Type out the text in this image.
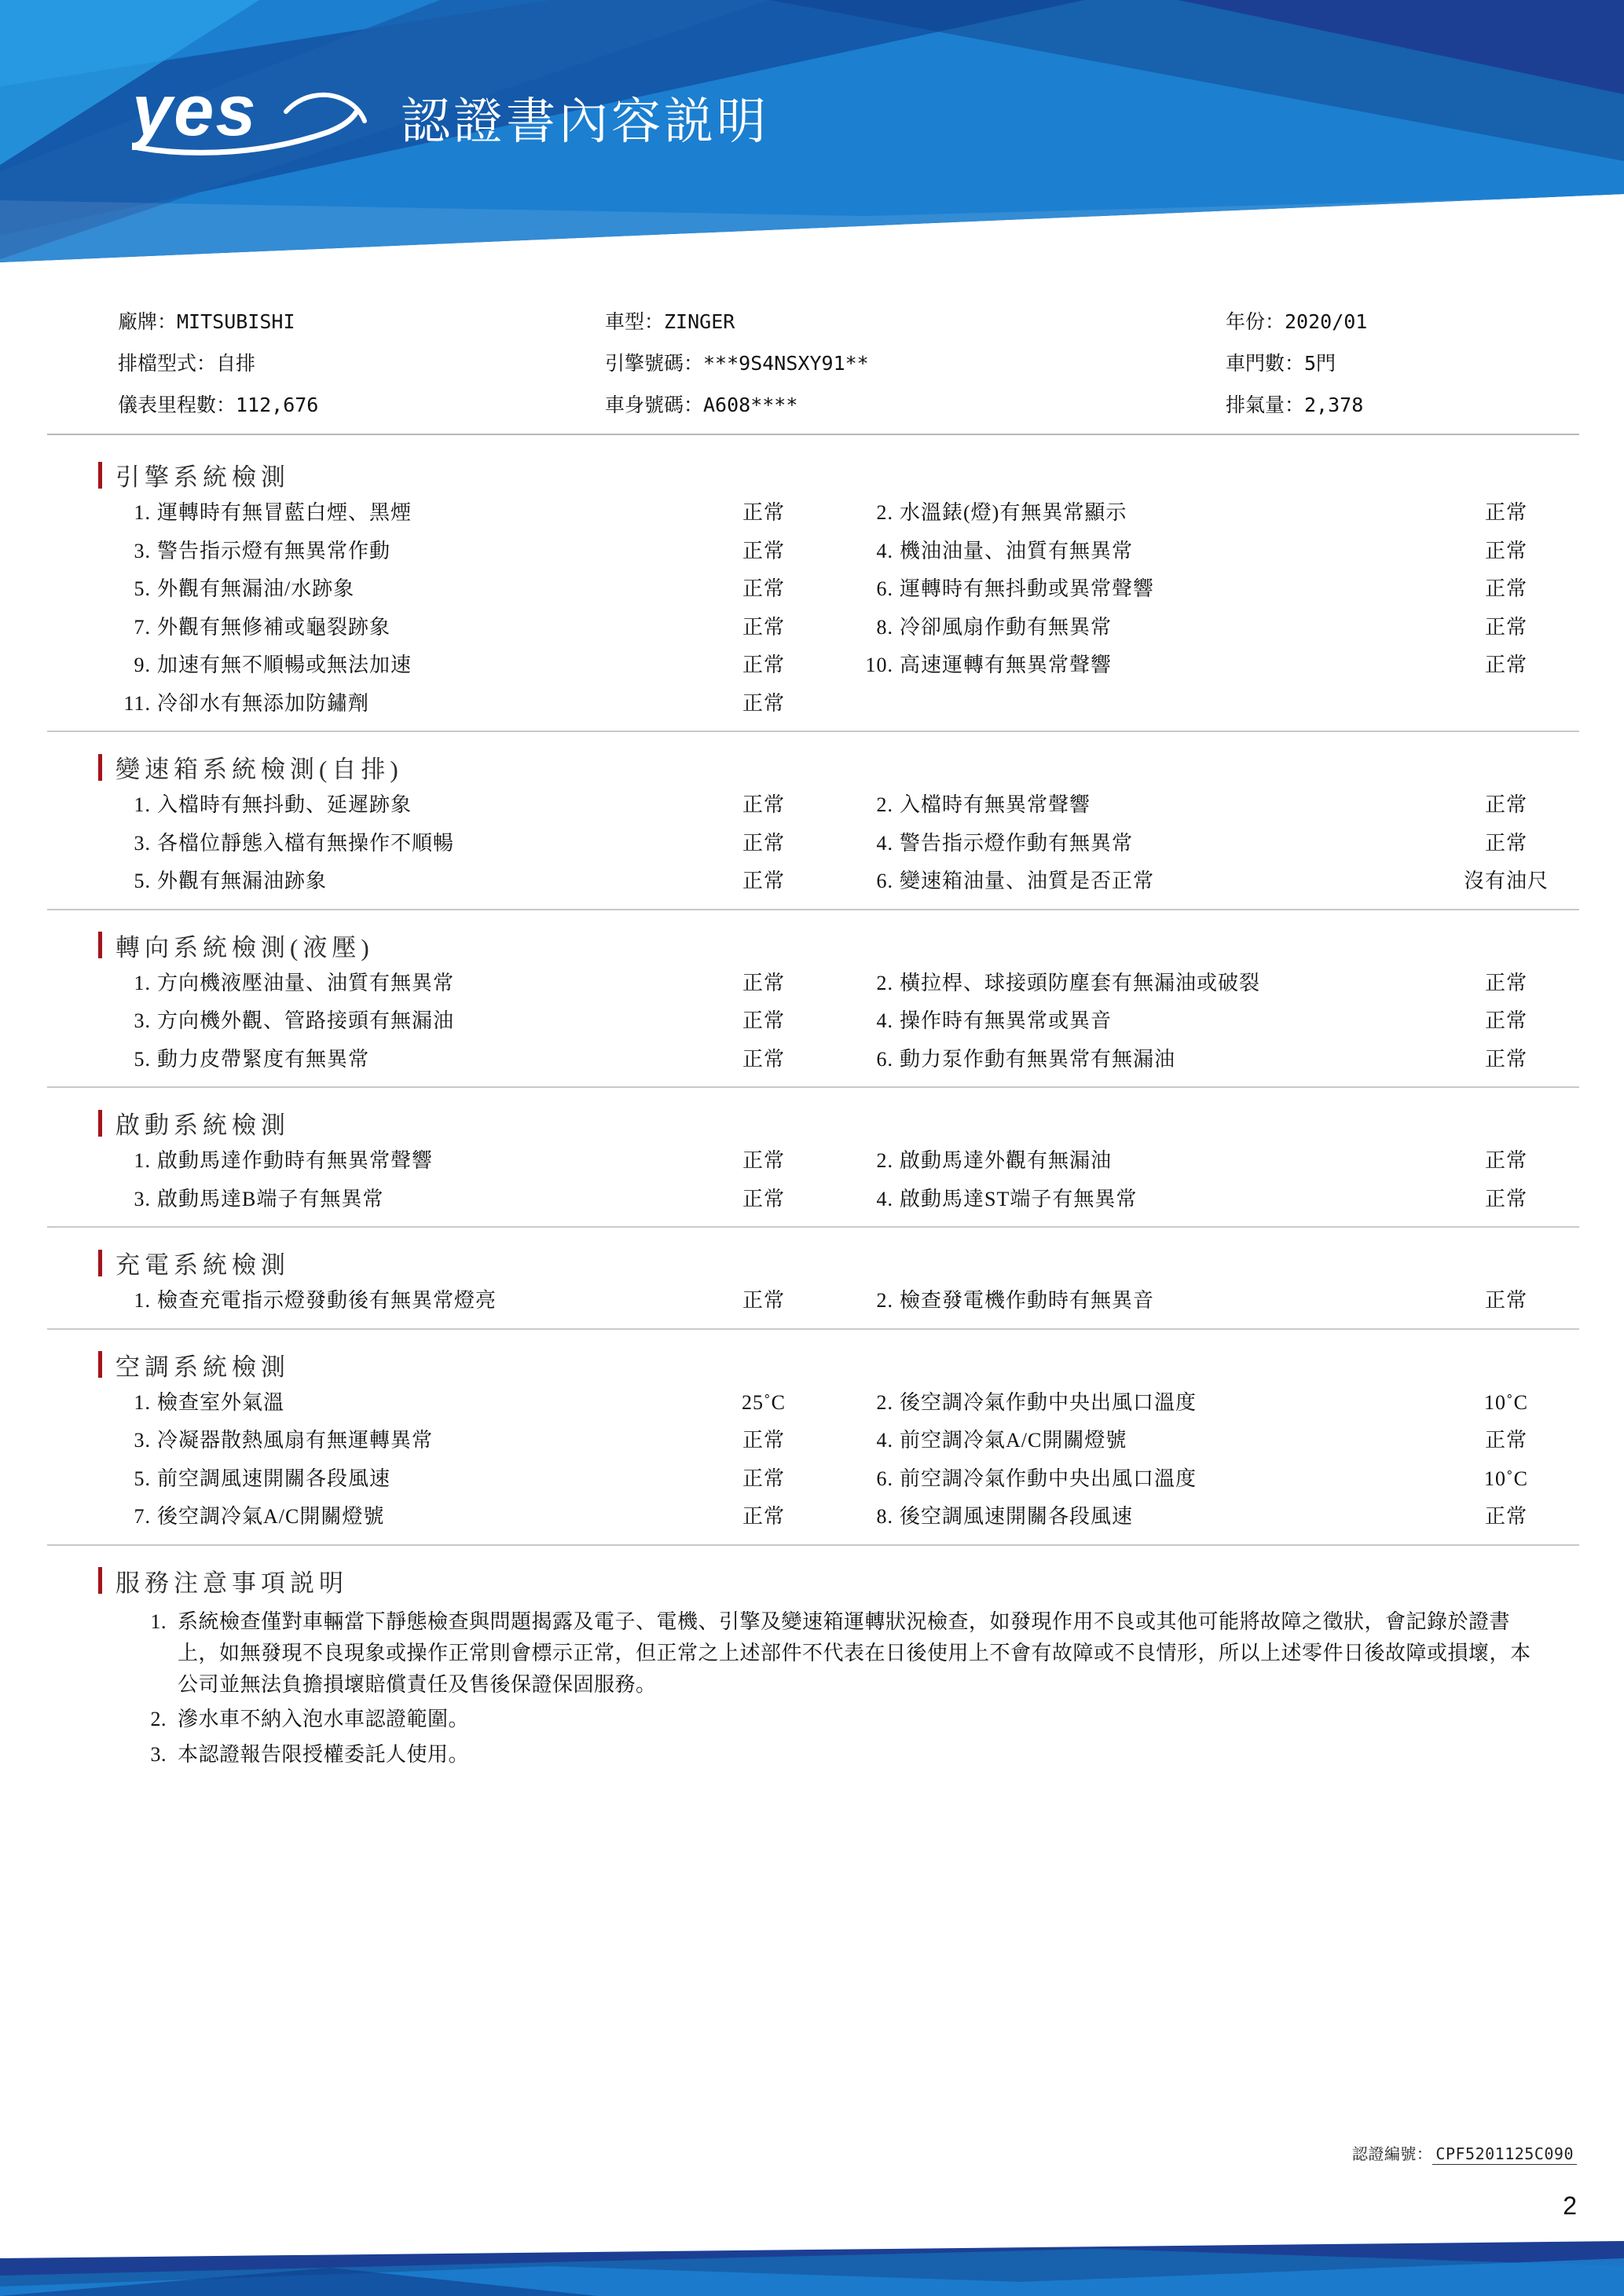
yes	認證書內容説明
廠牌：MITSUBISHI	車型：ZINGER	年份：2020/01
排檔型式：自排	引擎號碼：***9S4NSXY91**	車門數：5門
儀表里程數：112,676	車身號碼：A608****	排氣量：2,378
引擎系統檢測
1. 運轉時有無冒藍白煙、黑煙	正常	2. 水溫錶(燈)有無異常顯示	正常
3. 警告指示燈有無異常作動	正常	4. 機油油量、油質有無異常	正常
5. 外觀有無漏油/水跡象	正常	6. 運轉時有無抖動或異常聲響	正常
7. 外觀有無修補或龜裂跡象	正常	8. 冷卻風扇作動有無異常	正常
9. 加速有無不順暢或無法加速	正常	10. 高速運轉有無異常聲響	正常
11. 冷卻水有無添加防鏽劑	正常
變速箱系統檢測(自排)
1. 入檔時有無抖動、延遲跡象	正常	2. 入檔時有無異常聲響	正常
3. 各檔位靜態入檔有無操作不順暢	正常	4. 警告指示燈作動有無異常	正常
5. 外觀有無漏油跡象	正常	6. 變速箱油量、油質是否正常	沒有油尺
轉向系統檢測(液壓)
1. 方向機液壓油量、油質有無異常	正常	2. 橫拉桿、球接頭防塵套有無漏油或破裂	正常
3. 方向機外觀、管路接頭有無漏油	正常	4. 操作時有無異常或異音	正常
5. 動力皮帶緊度有無異常	正常	6. 動力泵作動有無異常有無漏油	正常
啟動系統檢測
1. 啟動馬達作動時有無異常聲響	正常	2. 啟動馬達外觀有無漏油	正常
3. 啟動馬達B端子有無異常	正常	4. 啟動馬達ST端子有無異常	正常
充電系統檢測
1. 檢查充電指示燈發動後有無異常燈亮	正常	2. 檢查發電機作動時有無異音	正常
空調系統檢測
1. 檢查室外氣溫	25˚C	2. 後空調冷氣作動中央出風口溫度	10˚C
3. 冷凝器散熱風扇有無運轉異常	正常	4. 前空調冷氣A/C開關燈號	正常
5. 前空調風速開關各段風速	正常	6. 前空調冷氣作動中央出風口溫度	10˚C
7. 後空調冷氣A/C開關燈號	正常	8. 後空調風速開關各段風速	正常
服務注意事項説明
1. 系統檢查僅對車輛當下靜態檢查與問題揭露及電子、電機、引擎及變速箱運轉狀況檢查，如發現作用不良或其他可能將故障之徵狀，會記錄於證書上，如無發現不良現象或操作正常則會標示正常，但正常之上述部件不代表在日後使用上不會有故障或不良情形，所以上述零件日後故障或損壞，本公司並無法負擔損壞賠償責任及售後保證保固服務。
2. 滲水車不納入泡水車認證範圍。
3. 本認證報告限授權委託人使用。
認證編號： CPF5201125C090
2
